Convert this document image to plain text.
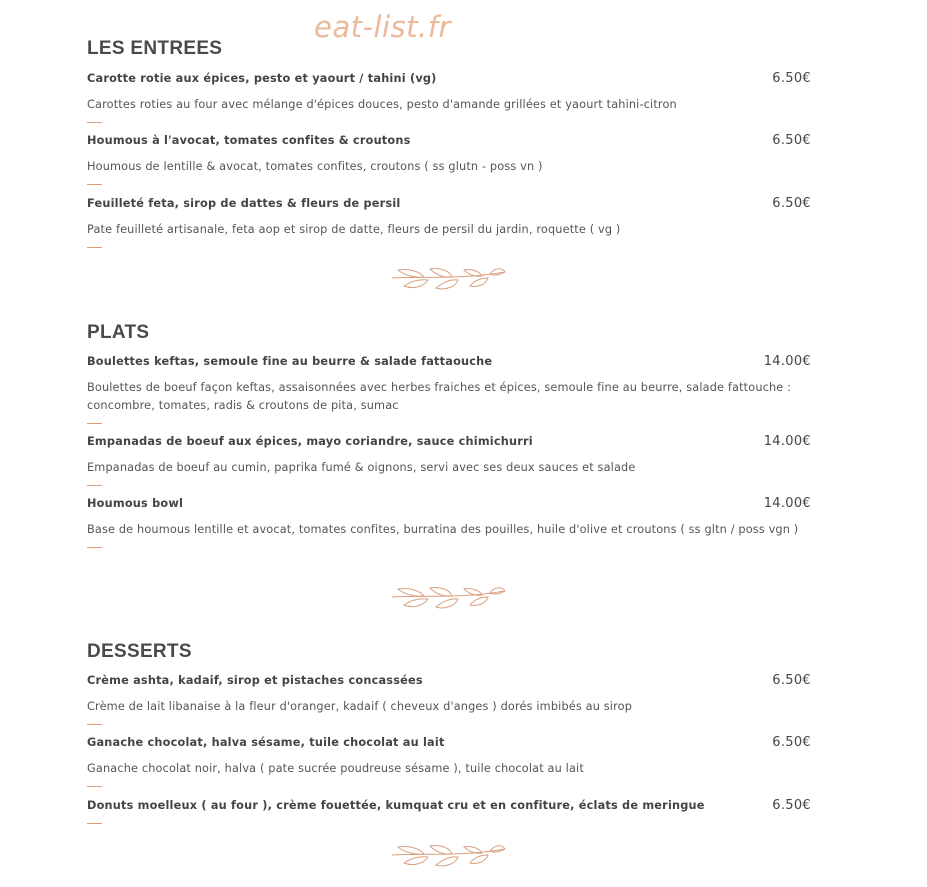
eat-list.fr
LES ENTREES
Carotte rotie aux épices, pesto et yaourt / tahini (vg)	6.50€
Carottes roties au four avec mélange d'épices douces, pesto d'amande grillées et yaourt tahini-citron
Houmous à l'avocat, tomates confites & croutons	6.50€
Houmous de lentille & avocat, tomates confites, croutons ( ss glutn - poss vn )
Feuilleté feta, sirop de dattes & fleurs de persil	6.50€
Pate feuilleté artisanale, feta aop et sirop de datte, fleurs de persil du jardin, roquette ( vg )
PLATS
Boulettes keftas, semoule fine au beurre & salade fattaouche	14.00€
Boulettes de boeuf façon keftas, assaisonnées avec herbes fraiches et épices, semoule fine au beurre, salade fattouche : concombre, tomates, radis & croutons de pita, sumac
Empanadas de boeuf aux épices, mayo coriandre, sauce chimichurri	14.00€
Empanadas de boeuf au cumin, paprika fumé & oignons, servi avec ses deux sauces et salade
Houmous bowl	14.00€
Base de houmous lentille et avocat, tomates confites, burratina des pouilles, huile d'olive et croutons ( ss gltn / poss vgn )
DESSERTS
Crème ashta, kadaif, sirop et pistaches concassées	6.50€
Crème de lait libanaise à la fleur d'oranger, kadaif ( cheveux d'anges ) dorés imbibés au sirop
Ganache chocolat, halva sésame, tuile chocolat au lait	6.50€
Ganache chocolat noir, halva ( pate sucrée poudreuse sésame ), tuile chocolat au lait
Donuts moelleux ( au four ), crème fouettée, kumquat cru et en confiture, éclats de meringue	6.50€
